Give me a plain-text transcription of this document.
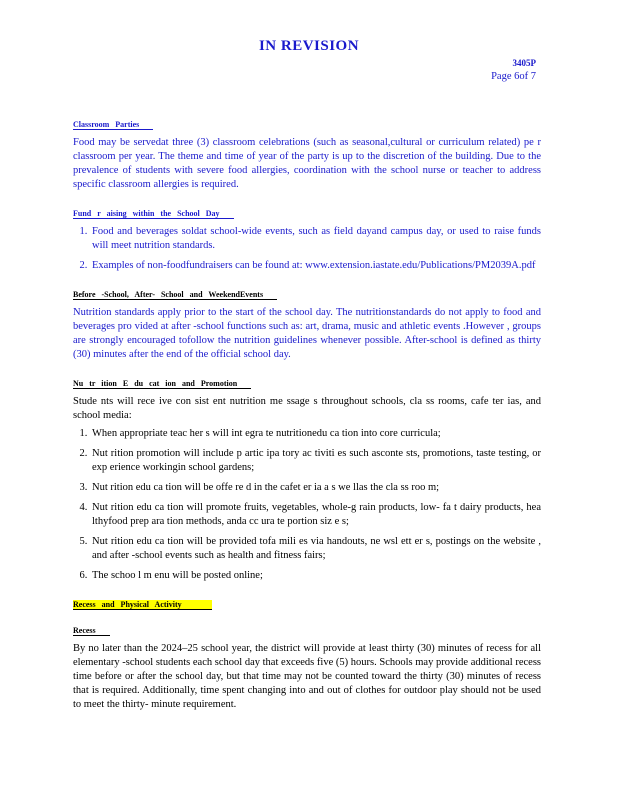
IN REVISION
3405P
Page 6of 7
Classroom Parties

Food may be servedat three (3) classroom celebrations (such as seasonal,cultural or curriculum related) pe r classroom per year. The theme and time of year of the party is up to the discretion of the building. Due to the prevalence of students with severe food allergies, coordination with the school nurse or teacher to address specific classroom allergies is required.

Fund r aising within the School Day
1. Food and beverages soldat school-wide events, such as field dayand campus day, or used to raise funds will meet nutrition standards.
2. Examples of non-foodfundraisers can be found at: www.extension.iastate.edu/Publications/PM2039A.pdf
Before -School, After- School and WeekendEvents

Nutrition standards apply prior to the start of the school day. The nutritionstandards do not apply to food and beverages pro vided at after -school functions such as: art, drama, music and athletic events .However , groups are strongly encouraged tofollow the nutrition guidelines whenever possible. After-school is defined as thirty (30) minutes after the end of the official school day.

Nu tr ition E du cat ion and Promotion

Stude nts will rece ive con sist ent nutrition me ssage s throughout schools, cla ss rooms, cafe ter ias, and school media:

1. When appropriate teac her s will int egra te nutritionedu ca tion into core curricula;
2. Nut rition promotion will include p artic ipa tory ac tiviti es such asconte sts, promotions, taste testing, or exp erience workingin school gardens;
3. Nut rition edu ca tion will be offe re d in the cafet er ia a s we llas the cla ss roo m;
4. Nut rition edu ca tion will promote fruits, vegetables, whole-g rain products, low- fa t dairy products, hea lthyfood prep ara tion methods, anda cc ura te portion siz e s;
5. Nut rition edu ca tion will be provided tofa mili es via handouts, ne wsl ett er s, postings on the website , and after -school events such as health and fitness fairs;
6. The schoo l m enu will be posted online;
Recess and Physical Activity
Recess

By no later than the 2024–25 school year, the district will provide at least thirty (30) minutes of recess for all elementary -school students each school day that exceeds five (5) hours. Schools may provide additional recess time before or after the school day, but that time may not be counted toward the thirty (30) minutes of recess that is required. Additionally, time spent changing into and out of clothes for outdoor play should not be used to meet the thirty- minute requirement.
